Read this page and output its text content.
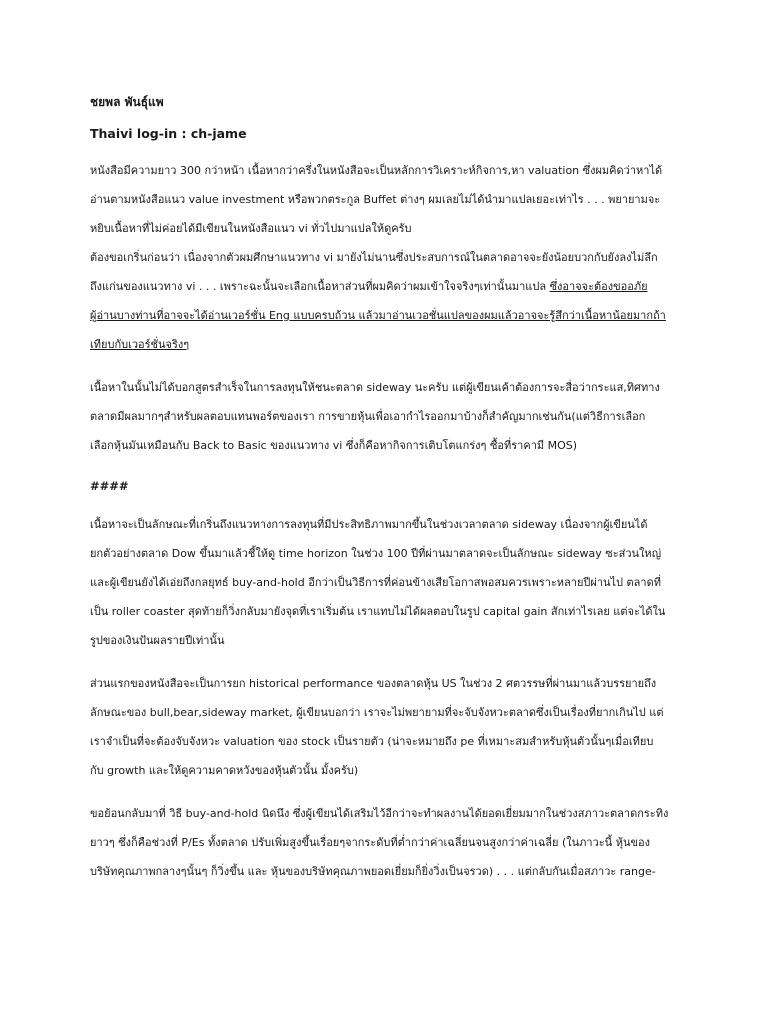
ชยพล พันธุ์แพ
Thaivi log-in : ch-jame
หนังสือมีความยาว 300 กว่าหน้า เนื้อหากว่าครึ่งในหนังสือจะเป็นหลักการวิเคราะห์กิจการ,หา valuation ซึ่งผมคิดว่าหาได้
อ่านตามหนังสือแนว value investment หรือพวกตระกูล Buffet ต่างๆ ผมเลยไม่ได้นำมาแปลเยอะเท่าไร . . . พยายามจะ
หยิบเนื้อหาที่ไม่ค่อยได้มีเขียนในหนังสือแนว vi ทั่วไปมาแปลให้ดูครับ
ต้องขอเกริ่นก่อนว่า เนื่องจากตัวผมศึกษาแนวทาง vi มายังไม่นานซึ่งประสบการณ์ในตลาดอาจจะยังน้อยบวกกับยังลงไม่ลึก
ถึงแก่นของแนวทาง vi . . . เพราะฉะนั้นจะเลือกเนื้อหาส่วนที่ผมคิดว่าผมเข้าใจจริงๆเท่านั้นมาแปล ซึ่งอาจจะต้องขออภัย
ผู้อ่านบางท่านที่อาจจะได้อ่านเวอร์ชั่น Eng แบบครบถ้วน แล้วมาอ่านเวอชั่นแปลของผมแล้วอาจจะรู้สึกว่าเนื้อหาน้อยมากถ้า
เทียบกับเวอร์ชั่นจริงๆ
เนื้อหาในนั้นไม่ได้บอกสูตรสำเร็จในการลงทุนให้ชนะตลาด sideway นะครับ แต่ผู้เขียนเค้าต้องการจะสื่อว่ากระแส,ทิศทาง
ตลาดมีผลมากๆสำหรับผลตอบแทนพอร์ตของเรา การขายหุ้นเพื่อเอากำไรออกมาบ้างก็สำคัญมากเช่นกัน(แต่วิธีการเลือก
เลือกหุ้นมันเหมือนกับ Back to Basic ของแนวทาง vi ซึ่งก็คือหากิจการเติบโตแกร่งๆ ซื้อที่ราคามี MOS)
####
เนื้อหาจะเป็นลักษณะที่เกริ่นถึงแนวทางการลงทุนที่มีประสิทธิภาพมากขึ้นในช่วงเวลาตลาด sideway เนื่องจากผู้เขียนได้
ยกตัวอย่างตลาด Dow ขึ้นมาแล้วชี้ให้ดู time horizon ในช่วง 100 ปีที่ผ่านมาตลาดจะเป็นลักษณะ sideway ซะส่วนใหญ่
และผู้เขียนยังได้เอ่ยถึงกลยุทธ์ buy-and-hold อีกว่าเป็นวิธีการที่ค่อนข้างเสียโอกาสพอสมควรเพราะหลายปีผ่านไป ตลาดที่
เป็น roller coaster สุดท้ายก็วิ่งกลับมายังจุดที่เราเริ่มต้น เราแทบไม่ได้ผลตอบในรูป capital gain สักเท่าไรเลย แต่จะได้ใน
รูปของเงินปันผลรายปีเท่านั้น
ส่วนแรกของหนังสือจะเป็นการยก historical performance ของตลาดหุ้น US ในช่วง 2 ศตวรรษที่ผ่านมาแล้วบรรยายถึง
ลักษณะของ bull,bear,sideway market, ผู้เขียนบอกว่า เราจะไม่พยายามที่จะจับจังหวะตลาดซึ่งเป็นเรื่องที่ยากเกินไป แต่
เราจำเป็นที่จะต้องจับจังหวะ valuation ของ stock เป็นรายตัว (น่าจะหมายถึง pe ที่เหมาะสมสำหรับหุ้นตัวนั้นๆเมื่อเทียบ
กับ growth และให้ดูความคาดหวังของหุ้นตัวนั้น มั้งครับ)
ขอย้อนกลับมาที่ วิธี buy-and-hold นิดนึง ซึ่งผู้เขียนได้เสริมไว้อีกว่าจะทำผลงานได้ยอดเยี่ยมมากในช่วงสภาวะตลาดกระทิง
ยาวๆ ซึ่งก็คือช่วงที่ P/Es ทั้งตลาด ปรับเพิ่มสูงขึ้นเรื่อยๆจากระดับที่ต่ำกว่าค่าเฉลี่ยนจนสูงกว่าค่าเฉลี่ย (ในภาวะนี้ หุ้นของ
บริษัทคุณภาพกลางๆนั้นๆ ก็วิ่งขึ้น และ หุ้นของบริษัทคุณภาพยอดเยี่ยมก็ยิ่งวิ่งเป็นจรวด) . . . แต่กลับกันเมื่อสภาวะ range-
